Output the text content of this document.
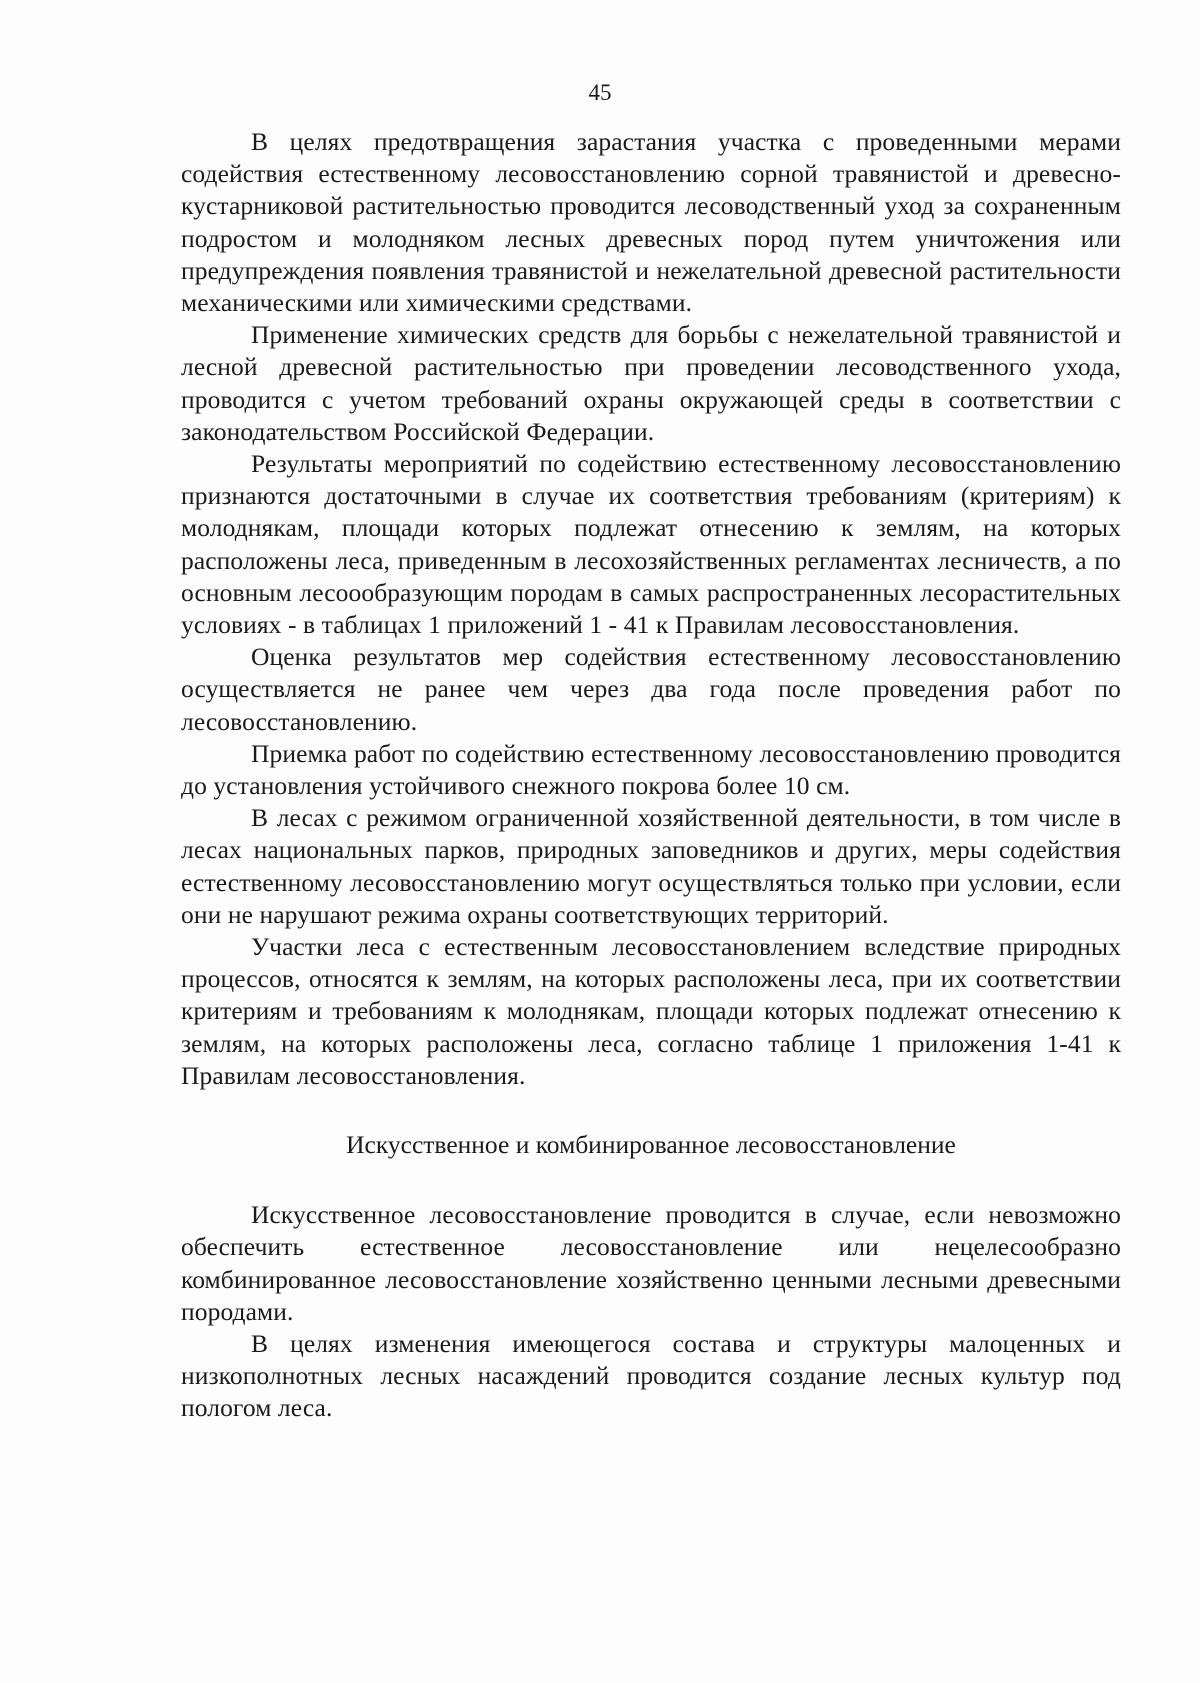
45

В целях предотвращения зарастания участка с проведенными мерами содействия естественному лесовосстановлению сорной травянистой и древесно-кустарниковой растительностью проводится лесоводственный уход за сохраненным подростом и молодняком лесных древесных пород путем уничтожения или предупреждения появления травянистой и нежелательной древесной растительности механическими или химическими средствами.

Применение химических средств для борьбы с нежелательной травянистой и лесной древесной растительностью при проведении лесоводственного ухода, проводится с учетом требований охраны окружающей среды в соответствии с законодательством Российской Федерации.

Результаты мероприятий по содействию естественному лесовосстановлению признаются достаточными в случае их соответствия требованиям (критериям) к молоднякам, площади которых подлежат отнесению к землям, на которых расположены леса, приведенным в лесохозяйственных регламентах лесничеств, а по основным лесоообразующим породам в самых распространенных лесорастительных условиях - в таблицах 1 приложений 1 - 41 к Правилам лесовосстановления.

Оценка результатов мер содействия естественному лесовосстановлению осуществляется не ранее чем через два года после проведения работ по лесовосстановлению.

Приемка работ по содействию естественному лесовосстановлению проводится до установления устойчивого снежного покрова более 10 см.

В лесах с режимом ограниченной хозяйственной деятельности, в том числе в лесах национальных парков, природных заповедников и других, меры содействия естественному лесовосстановлению могут осуществляться только при условии, если они не нарушают режима охраны соответствующих территорий.

Участки леса с естественным лесовосстановлением вследствие природных процессов, относятся к землям, на которых расположены леса, при их соответствии критериям и требованиям к молоднякам, площади которых подлежат отнесению к землям, на которых расположены леса, согласно таблице 1 приложения 1-41 к Правилам лесовосстановления.

Искусственное и комбинированное лесовосстановление

Искусственное лесовосстановление проводится в случае, если невозможно обеспечить естественное лесовосстановление или нецелесообразно комбинированное лесовосстановление хозяйственно ценными лесными древесными породами.

В целях изменения имеющегося состава и структуры малоценных и низкополнотных лесных насаждений проводится создание лесных культур под пологом леса.
